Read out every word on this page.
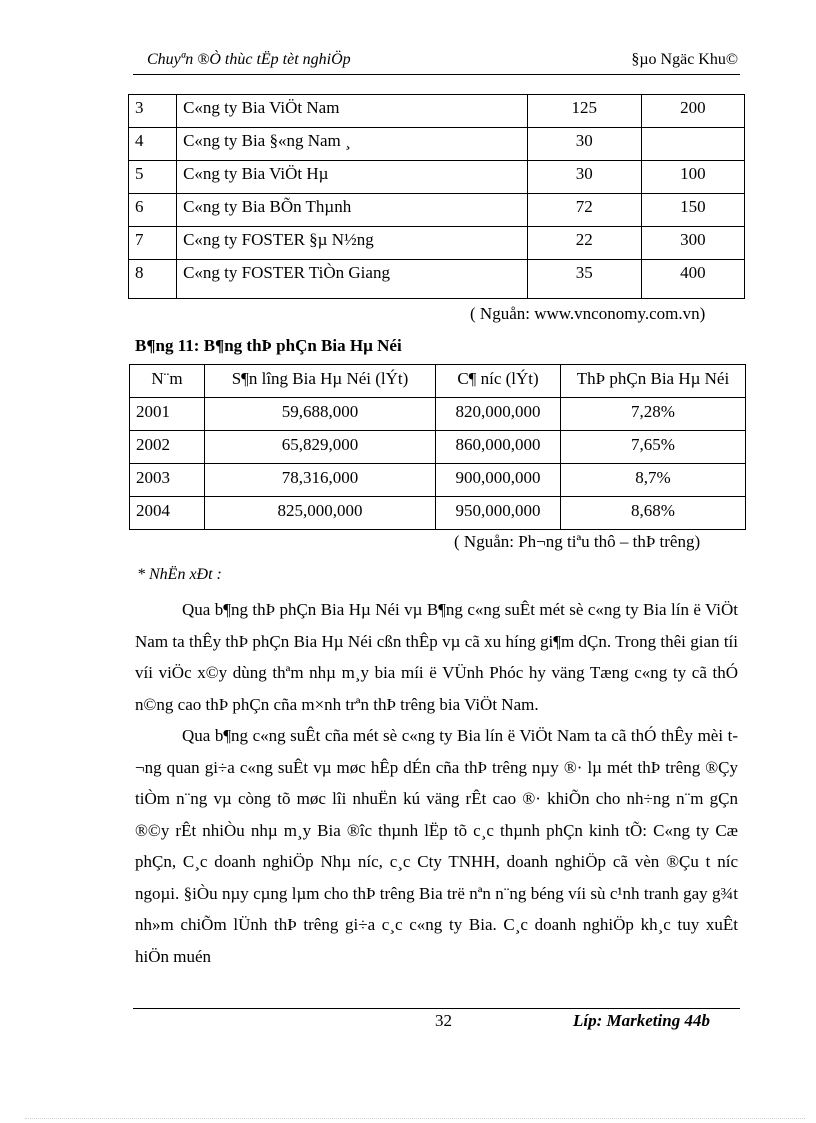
Chuyªn ®Ò thùc tËp tèt nghiÖp	§µo Ngäc Khu©
3	C«ng ty Bia ViÖt Nam	125	200
4	C«ng ty Bia §«ng Nam ¸	30	
5	C«ng ty Bia ViÖt Hµ	30	100
6	C«ng ty Bia BÕn Thµnh	72	150
7	C«ng ty FOSTER §µ N½ng	22	300
8	C«ng ty FOSTER TiÒn Giang	35	400
( Nguån: www.vnconomy.com.vn)
B¶ng 11: B¶ng thÞ phÇn Bia Hµ Néi
N¨m	S¶n lîng Bia Hµ Néi (lÝt)	C¶ níc (lÝt)	ThÞ phÇn Bia Hµ Néi
2001	59,688,000	820,000,000	7,28%
2002	65,829,000	860,000,000	7,65%
2003	78,316,000	900,000,000	8,7%
2004	825,000,000	950,000,000	8,68%
( Nguån: Ph¬ng tiªu thô – thÞ trêng)
* NhËn xÐt :

Qua b¶ng thÞ phÇn Bia Hµ Néi vµ B¶ng c«ng suÊt mét sè c«ng ty Bia lín ë ViÖt Nam ta thÊy thÞ phÇn Bia Hµ Néi cßn thÊp vµ cã xu híng gi¶m dÇn. Trong thêi gian tíi víi viÖc x©y dùng thªm nhµ m¸y bia míi ë VÜnh Phóc hy väng Tæng c«ng ty cã thÓ n©ng cao thÞ phÇn cña m×nh trªn thÞ trêng bia ViÖt Nam.

Qua b¶ng c«ng suÊt cña mét sè c«ng ty Bia lín ë ViÖt Nam ta cã thÓ thÊy mèi t¬ng quan gi÷a c«ng suÊt vµ møc hÊp dÉn cña thÞ trêng nµy ®· lµ mét thÞ trêng ®Çy tiÒm n¨ng vµ còng tõ møc lîi nhuËn kú väng rÊt cao ®· khiÕn cho nh÷ng n¨m gÇn ®©y rÊt nhiÒu nhµ m¸y Bia ®îc thµnh lËp tõ c¸c thµnh phÇn kinh tÕ: C«ng ty Cæ phÇn, C¸c doanh nghiÖp Nhµ níc, c¸c Cty TNHH, doanh nghiÖp cã vèn ®Çu t níc ngoµi. §iÒu nµy cµng lµm cho thÞ trêng Bia trë nªn n¨ng béng víi sù c¹nh tranh gay g¾t nh»m chiÕm lÜnh thÞ trêng gi÷a c¸c c«ng ty Bia. C¸c doanh nghiÖp kh¸c tuy xuÊt hiÖn muén

32	Líp: Marketing 44b
